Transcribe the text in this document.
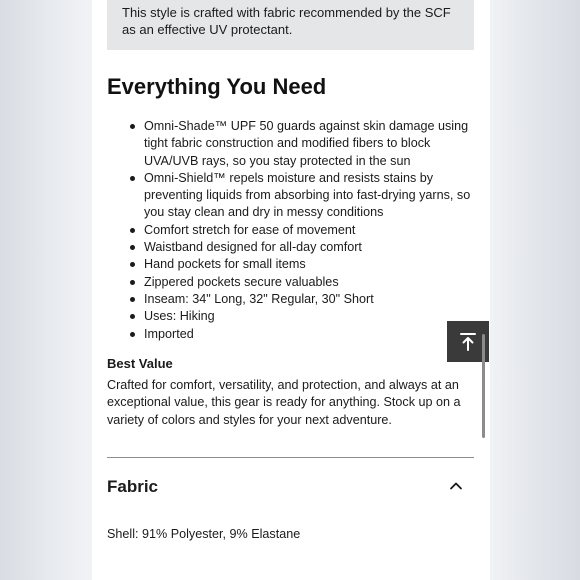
This style is crafted with fabric recommended by the SCF as an effective UV protectant.

Everything You Need
Omni-Shade™ UPF 50 guards against skin damage using tight fabric construction and modified fibers to block UVA/UVB rays, so you stay protected in the sun
Omni-Shield™ repels moisture and resists stains by preventing liquids from absorbing into fast-drying yarns, so you stay clean and dry in messy conditions
Comfort stretch for ease of movement
Waistband designed for all-day comfort
Hand pockets for small items
Zippered pockets secure valuables
Inseam: 34" Long, 32" Regular, 30" Short
Uses: Hiking
Imported
Best Value

Crafted for comfort, versatility, and protection, and always at an exceptional value, this gear is ready for anything. Stock up on a variety of colors and styles for your next adventure.

Fabric

Shell: 91% Polyester, 9% Elastane
